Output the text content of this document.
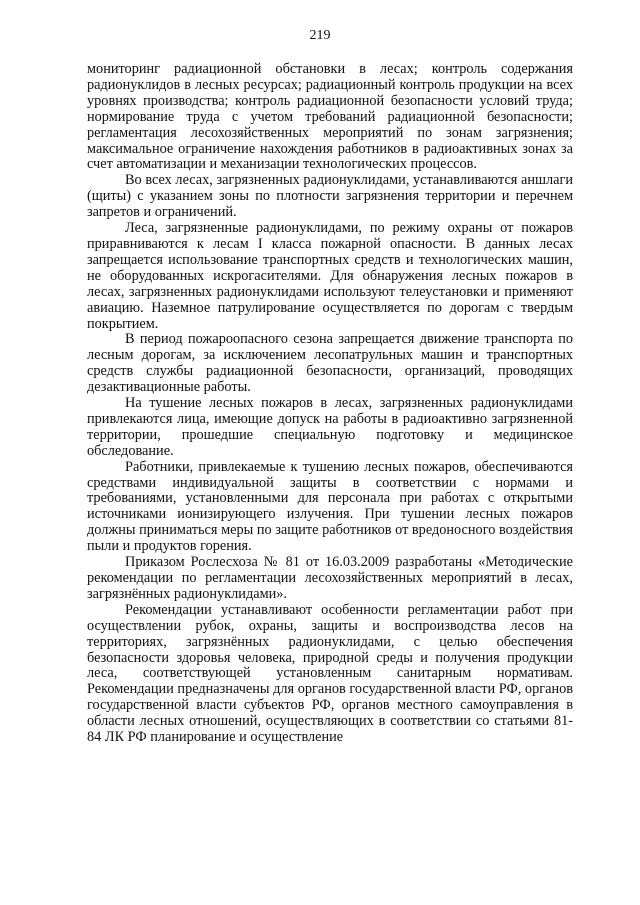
219

мониторинг радиационной обстановки в лесах; контроль содержания радионуклидов в лесных ресурсах; радиационный контроль продукции на всех уровнях производства; контроль радиационной безопасности условий труда; нормирование труда с учетом требований радиационной безопасности; регламентация лесохозяйственных мероприятий по зонам загрязнения; максимальное ограничение нахождения работников в радиоактивных зонах за счет автоматизации и механизации технологических процессов.

Во всех лесах, загрязненных радионуклидами, устанавливаются аншлаги (щиты) с указанием зоны по плотности загрязнения территории и перечнем запретов и ограничений.

Леса, загрязненные радионуклидами, по режиму охраны от пожаров приравниваются к лесам I класса пожарной опасности. В данных лесах запрещается использование транспортных средств и технологических машин, не оборудованных искрогасителями. Для обнаружения лесных пожаров в лесах, загрязненных радионуклидами используют телеустановки и применяют авиацию. Наземное патрулирование осуществляется по дорогам с твердым покрытием.

В период пожароопасного сезона запрещается движение транспорта по лесным дорогам, за исключением лесопатрульных машин и транспортных средств службы радиационной безопасности, организаций, проводящих дезактивационные работы.

На тушение лесных пожаров в лесах, загрязненных радионуклидами привлекаются лица, имеющие допуск на работы в радиоактивно загрязненной территории, прошедшие специальную подготовку и медицинское обследование.

Работники, привлекаемые к тушению лесных пожаров, обеспечиваются средствами индивидуальной защиты в соответствии с нормами и требованиями, установленными для персонала при работах с открытыми источниками ионизирующего излучения. При тушении лесных пожаров должны приниматься меры по защите работников от вредоносного воздействия пыли и продуктов горения.

Приказом Рослесхоза № 81 от 16.03.2009 разработаны «Методические рекомендации по регламентации лесохозяйственных мероприятий в лесах, загрязнённых радионуклидами».

Рекомендации устанавливают особенности регламентации работ при осуществлении рубок, охраны, защиты и воспроизводства лесов на территориях, загрязнённых радионуклидами, с целью обеспечения безопасности здоровья человека, природной среды и получения продукции леса, соответствующей установленным санитарным нормативам. Рекомендации предназначены для органов государственной власти РФ, органов государственной власти субъектов РФ, органов местного самоуправления в области лесных отношений, осуществляющих в соответствии со статьями 81-84 ЛК РФ планирование и осуществление
